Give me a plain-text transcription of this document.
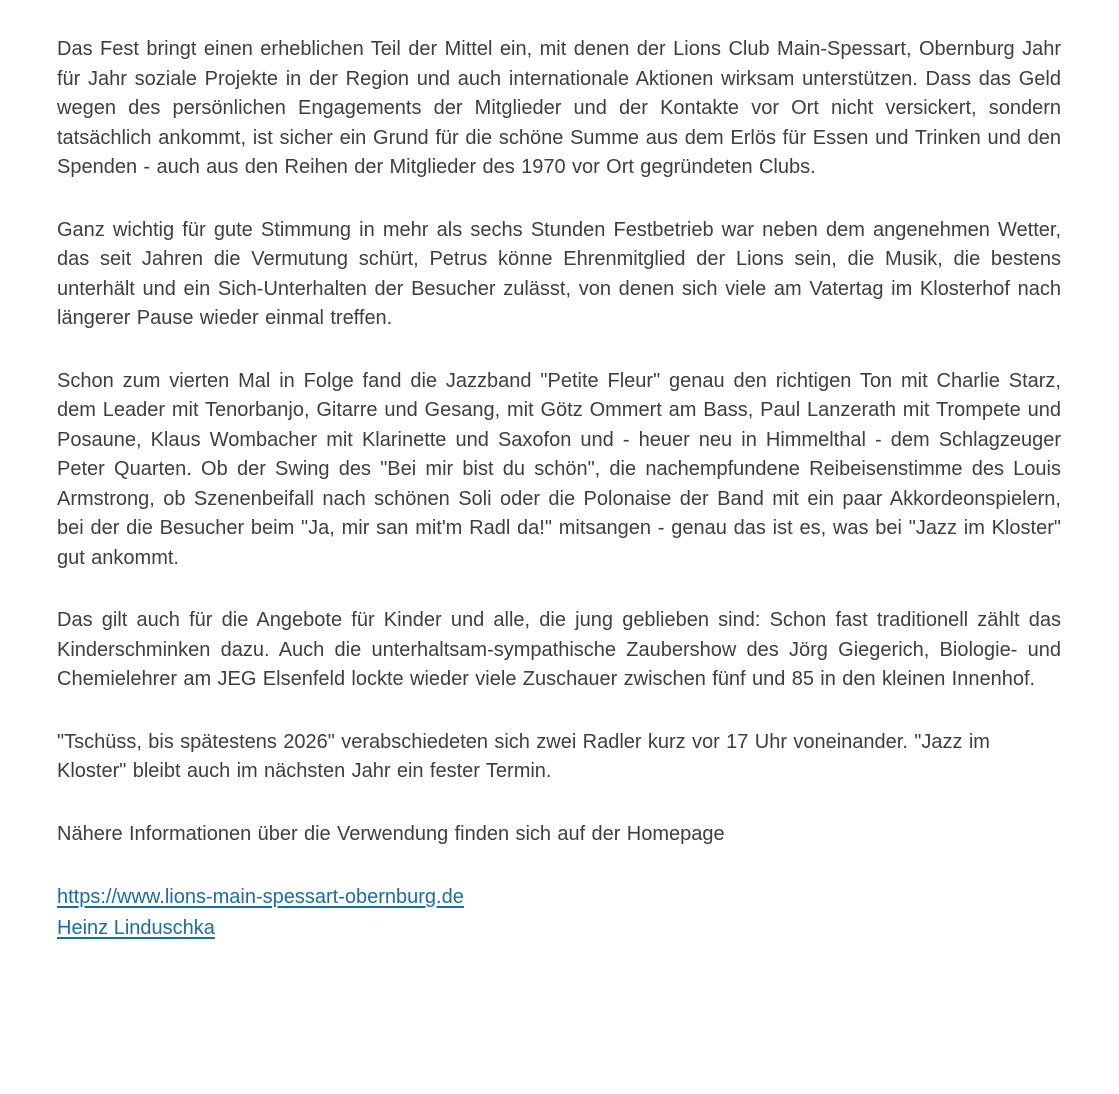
Das Fest bringt einen erheblichen Teil der Mittel ein, mit denen der Lions Club Main-Spessart, Obernburg Jahr für Jahr soziale Projekte in der Region und auch internationale Aktionen wirksam unterstützen. Dass das Geld wegen des persönlichen Engagements der Mitglieder und der Kontakte vor Ort nicht versickert, sondern tatsächlich ankommt, ist sicher ein Grund für die schöne Summe aus dem Erlös für Essen und Trinken und den Spenden - auch aus den Reihen der Mitglieder des 1970 vor Ort gegründeten Clubs.

Ganz wichtig für gute Stimmung in mehr als sechs Stunden Festbetrieb war neben dem angenehmen Wetter, das seit Jahren die Vermutung schürt, Petrus könne Ehrenmitglied der Lions sein, die Musik, die bestens unterhält und ein Sich-Unterhalten der Besucher zulässt, von denen sich viele am Vatertag im Klosterhof nach längerer Pause wieder einmal treffen.

Schon zum vierten Mal in Folge fand die Jazzband "Petite Fleur" genau den richtigen Ton mit Charlie Starz, dem Leader mit Tenorbanjo, Gitarre und Gesang, mit Götz Ommert am Bass, Paul Lanzerath mit Trompete und Posaune, Klaus Wombacher mit Klarinette und Saxofon und - heuer neu in Himmelthal - dem Schlagzeuger Peter Quarten. Ob der Swing des "Bei mir bist du schön", die nachempfundene Reibeisenstimme des Louis Armstrong, ob Szenenbeifall nach schönen Soli oder die Polonaise der Band mit ein paar Akkordeonspielern, bei der die Besucher beim "Ja, mir san mit'm Radl da!" mitsangen - genau das ist es, was bei "Jazz im Kloster" gut ankommt.

Das gilt auch für die Angebote für Kinder und alle, die jung geblieben sind: Schon fast traditionell zählt das Kinderschminken dazu. Auch die unterhaltsam-sympathische Zaubershow des Jörg Giegerich, Biologie- und Chemielehrer am JEG Elsenfeld lockte wieder viele Zuschauer zwischen fünf und 85 in den kleinen Innenhof.

"Tschüss, bis spätestens 2026" verabschiedeten sich zwei Radler kurz vor 17 Uhr voneinander. "Jazz im Kloster" bleibt auch im nächsten Jahr ein fester Termin.

Nähere Informationen über die Verwendung finden sich auf der Homepage

https://www.lions-main-spessart-obernburg.de
Heinz Linduschka
